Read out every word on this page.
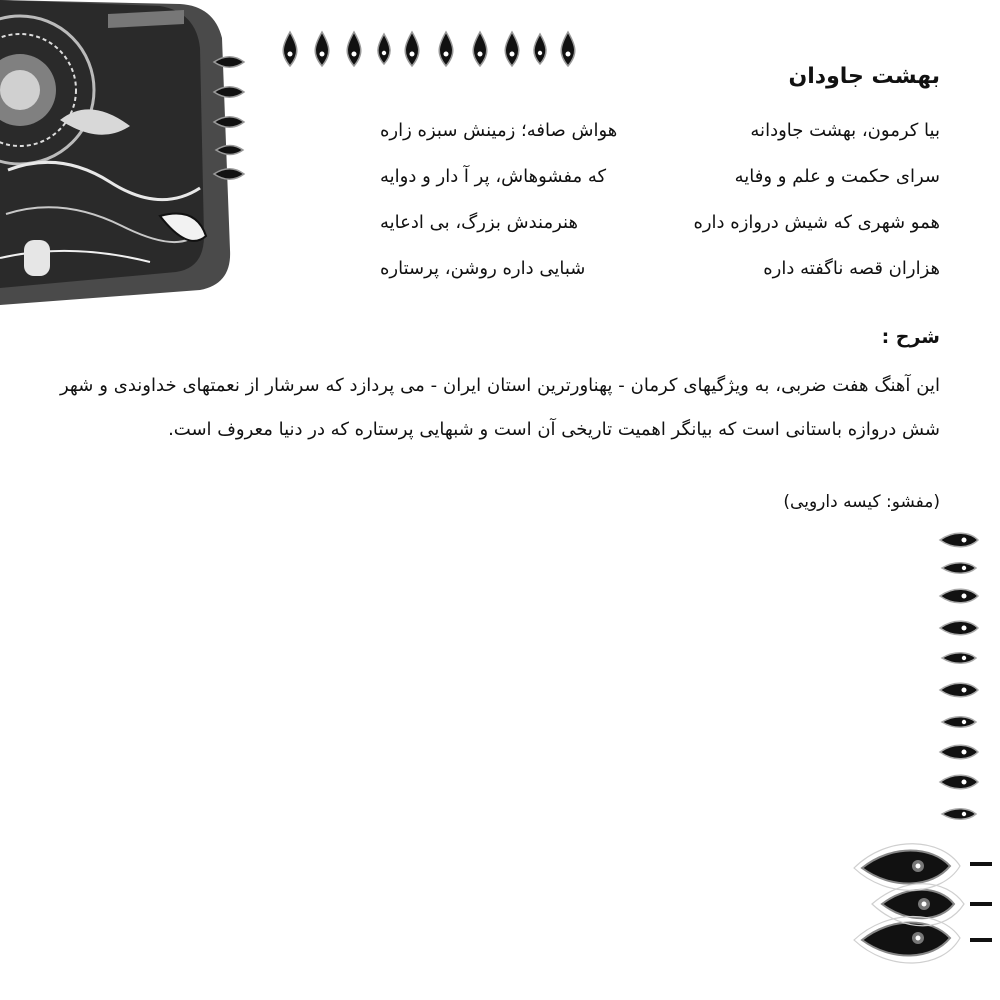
بهشت جاودان
بیا کرمون، بهشت جاودانه
هواش صافه؛ زمینش سبزه زاره
سرای حکمت و علم و وفایه
که مفشوهاش، پر آ دار و دوایه
همو شهری که شیش دروازه داره
هنرمندش بزرگ، بی ادعایه
هزاران قصه ناگفته داره
شبایی داره روشن، پرستاره
شرح :

این آهنگ هفت ضربی، به ویژگیهای کرمان - پهناورترین استان ایران - می پردازد که سرشار از نعمتهای خداوندی و شهر شش دروازه باستانی است که بیانگر اهمیت تاریخی آن است و شبهایی پرستاره که در دنیا معروف است.

(مفشو: کیسه دارویی)
